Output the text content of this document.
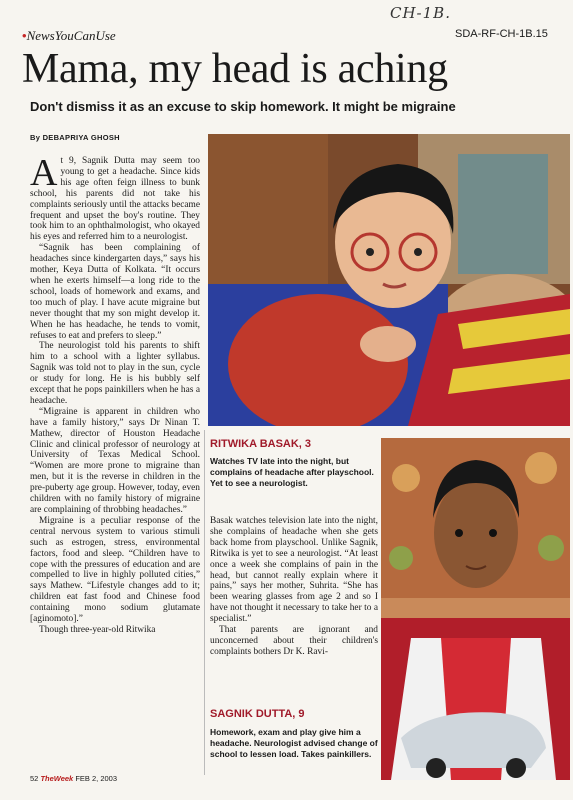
CH-1B.
•NewsYouCanUse	SDA-RF-CH-1B.15
Mama, my head is aching
Don't dismiss it as an excuse to skip homework. It might be migraine
By DEBAPRIYA GHOSH

At 9, Sagnik Dutta may seem too young to get a headache. Since kids his age often feign illness to bunk school, his parents did not take his complaints seriously until the attacks became frequent and upset the boy's routine. They took him to an ophthalmologist, who okayed his eyes and referred him to a neurologist.

“Sagnik has been complaining of headaches since kindergarten days,” says his mother, Keya Dutta of Kolkata. “It occurs when he exerts himself—a long ride to the school, loads of homework and exams, and too much of play. I have acute migraine but never thought that my son might develop it. When he has headache, he tends to vomit, refuses to eat and prefers to sleep.”

The neurologist told his parents to shift him to a school with a lighter syllabus. Sagnik was told not to play in the sun, cycle or study for long. He is his bubbly self except that he pops painkillers when he has a headache.

“Migraine is apparent in children who have a family history,” says Dr Ninan T. Mathew, director of Houston Headache Clinic and clinical professor of neurology at University of Texas Medical School. “Women are more prone to migraine than men, but it is the reverse in children in the pre-puberty age group. However, today, even children with no family history of migraine are complaining of throbbing headaches.”

Migraine is a peculiar response of the central nervous system to various stimuli such as estrogen, stress, environmental factors, food and sleep. “Children have to cope with the pressures of education and are compelled to live in highly polluted cities,” says Mathew. “Lifestyle changes add to it; children eat fast food and Chinese food containing mono sodium glutamate [aginomoto].”

Though three-year-old Ritwika

RITWIKA BASAK, 3
Watches TV late into the night, but complains of headache after playschool. Yet to see a neurologist.

Basak watches television late into the night, she complains of headache when she gets back home from playschool. Unlike Sagnik, Ritwika is yet to see a neurologist. “At least once a week she complains of pain in the head, but cannot really explain where it pains,” says her mother, Suhrita. “She has been wearing glasses from age 2 and so I have not thought it necessary to take her to a specialist.”

That parents are ignorant and unconcerned about their children's complaints bothers Dr K. Ravi-

SAGNIK DUTTA, 9
Homework, exam and play give him a headache. Neurologist advised change of school to lessen load. Takes painkillers.
52 TheWeek FEB 2, 2003
